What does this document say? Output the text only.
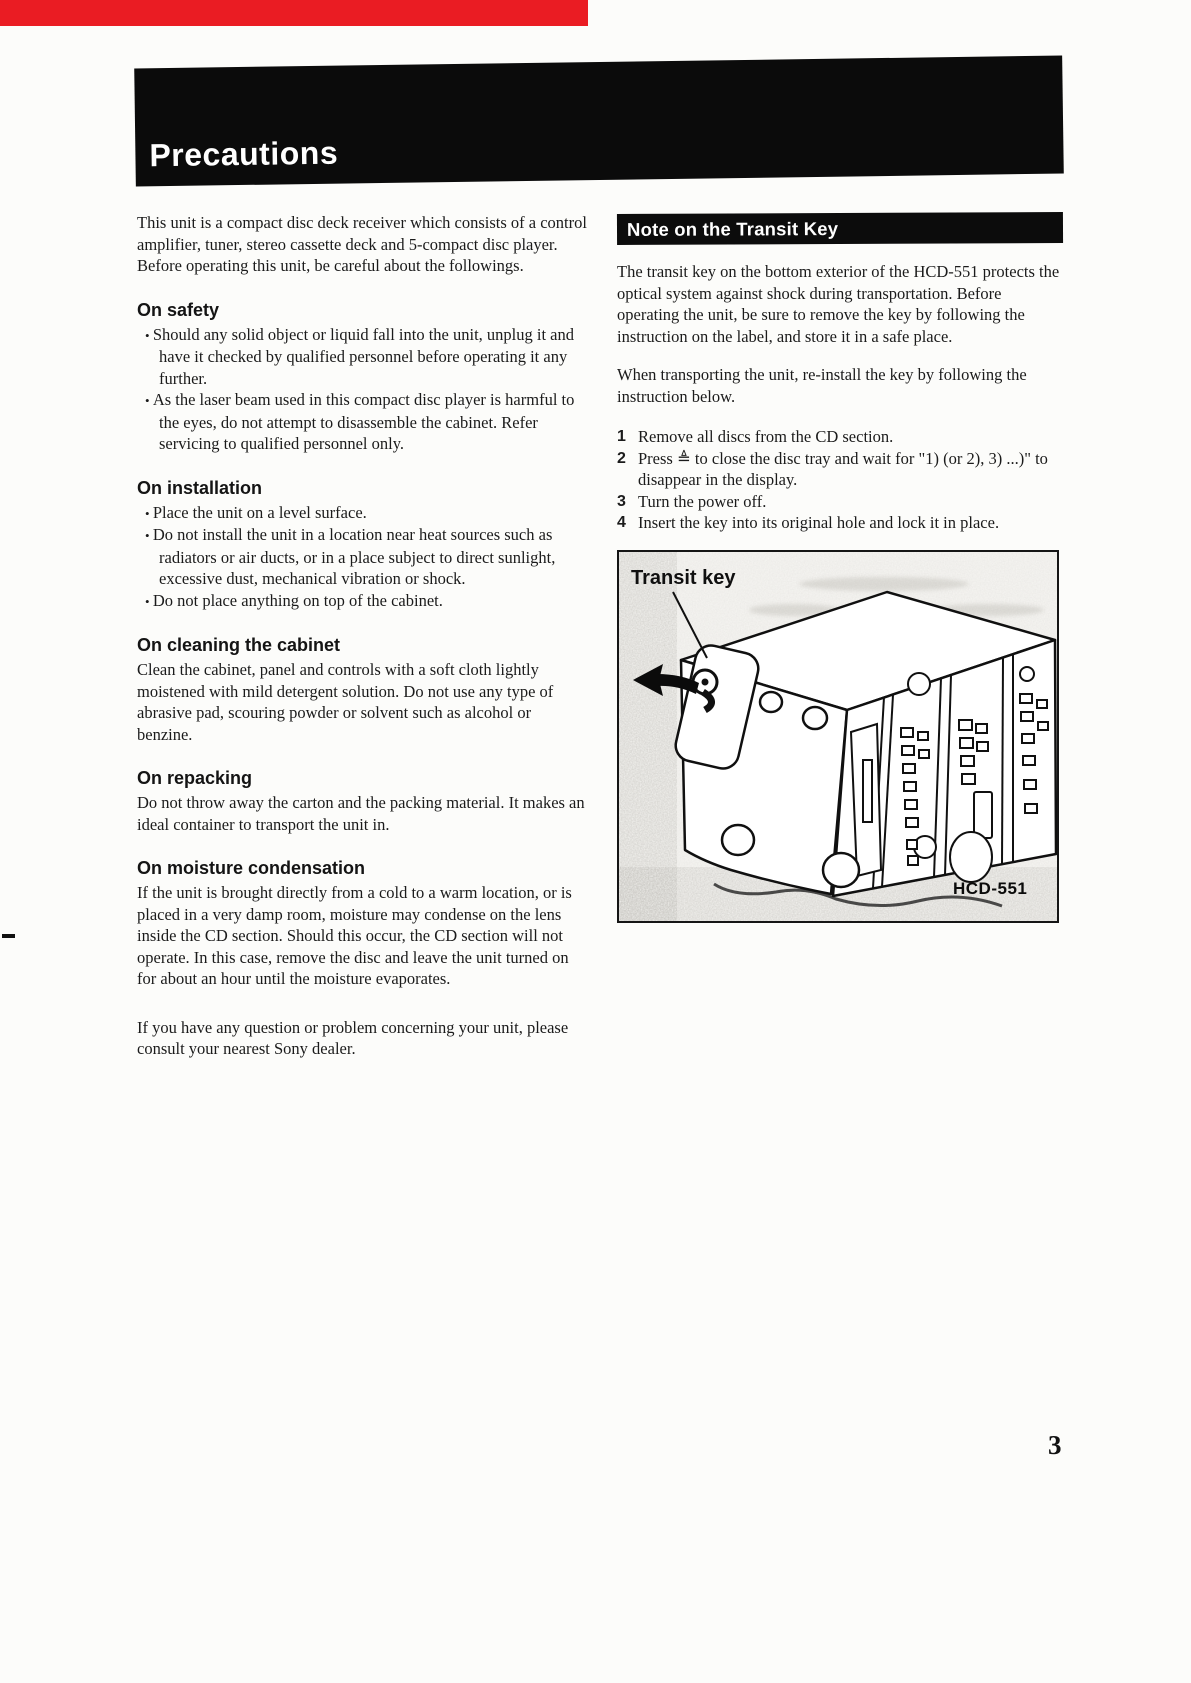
Precautions

This unit is a compact disc deck receiver which consists of a control amplifier, tuner, stereo cassette deck and 5-compact disc player.

Before operating this unit, be careful about the followings.

On safety
• Should any solid object or liquid fall into the unit, unplug it and have it checked by qualified personnel before operating it any further.
• As the laser beam used in this compact disc player is harmful to the eyes, do not attempt to disassemble the cabinet. Refer servicing to qualified personnel only.
On installation
• Place the unit on a level surface.
• Do not install the unit in a location near heat sources such as radiators or air ducts, or in a place subject to direct sunlight, excessive dust, mechanical vibration or shock.
• Do not place anything on top of the cabinet.
On cleaning the cabinet

Clean the cabinet, panel and controls with a soft cloth lightly moistened with mild detergent solution. Do not use any type of abrasive pad, scouring powder or solvent such as alcohol or benzine.

On repacking

Do not throw away the carton and the packing material. It makes an ideal container to transport the unit in.

On moisture condensation

If the unit is brought directly from a cold to a warm location, or is placed in a very damp room, moisture may condense on the lens inside the CD section. Should this occur, the CD section will not operate. In this case, remove the disc and leave the unit turned on for about an hour until the moisture evaporates.

If you have any question or problem concerning your unit, please consult your nearest Sony dealer.

Note on the Transit Key

The transit key on the bottom exterior of the HCD-551 protects the optical system against shock during transportation. Before operating the unit, be sure to remove the key by following the instruction on the label, and store it in a safe place.

When transporting the unit, re-install the key by following the instruction below.

1 Remove all discs from the CD section.
2 Press ≜ to close the disc tray and wait for "1) (or 2), 3) ...)" to disappear in the display.
3 Turn the power off.
4 Insert the key into its original hole and lock it in place.
Transit key
HCD-551
3
